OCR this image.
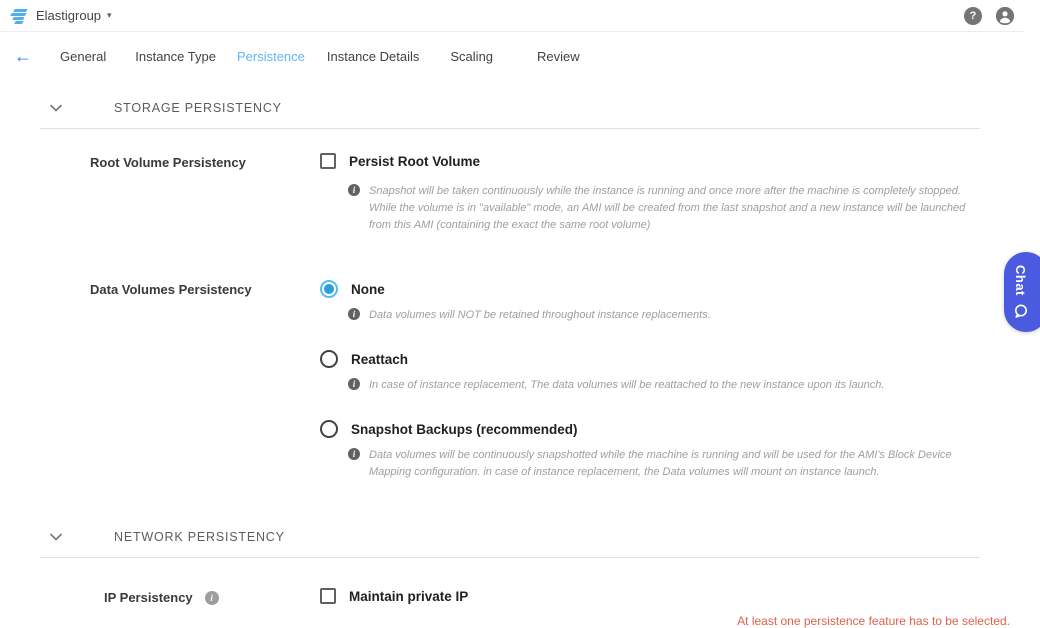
Elastigroup ▾	?
← General Instance Type Persistence Instance Details Scaling	Review
STORAGE PERSISTENCY
Root Volume Persistency	Persist Root Volume
i	Snapshot will be taken continuously while the instance is running and once more after the machine is completely stopped. While the volume is in "available" mode, an AMI will be created from the last snapshot and a new instance will be launched from this AMI (containing the exact the same root volume)
Data Volumes Persistency	None
i	Data volumes will NOT be retained throughout instance replacements.
Reattach
i	In case of instance replacement, The data volumes will be reattached to the new instance upon its launch.
Snapshot Backups (recommended)
i	Data volumes will be continuously snapshotted while the machine is running and will be used for the AMI's Block Device Mapping configuration. in case of instance replacement, the Data volumes will mount on instance launch.
NETWORK PERSISTENCY
IP Persistency	i	Maintain private IP
At least one persistence feature has to be selected.
Chat
